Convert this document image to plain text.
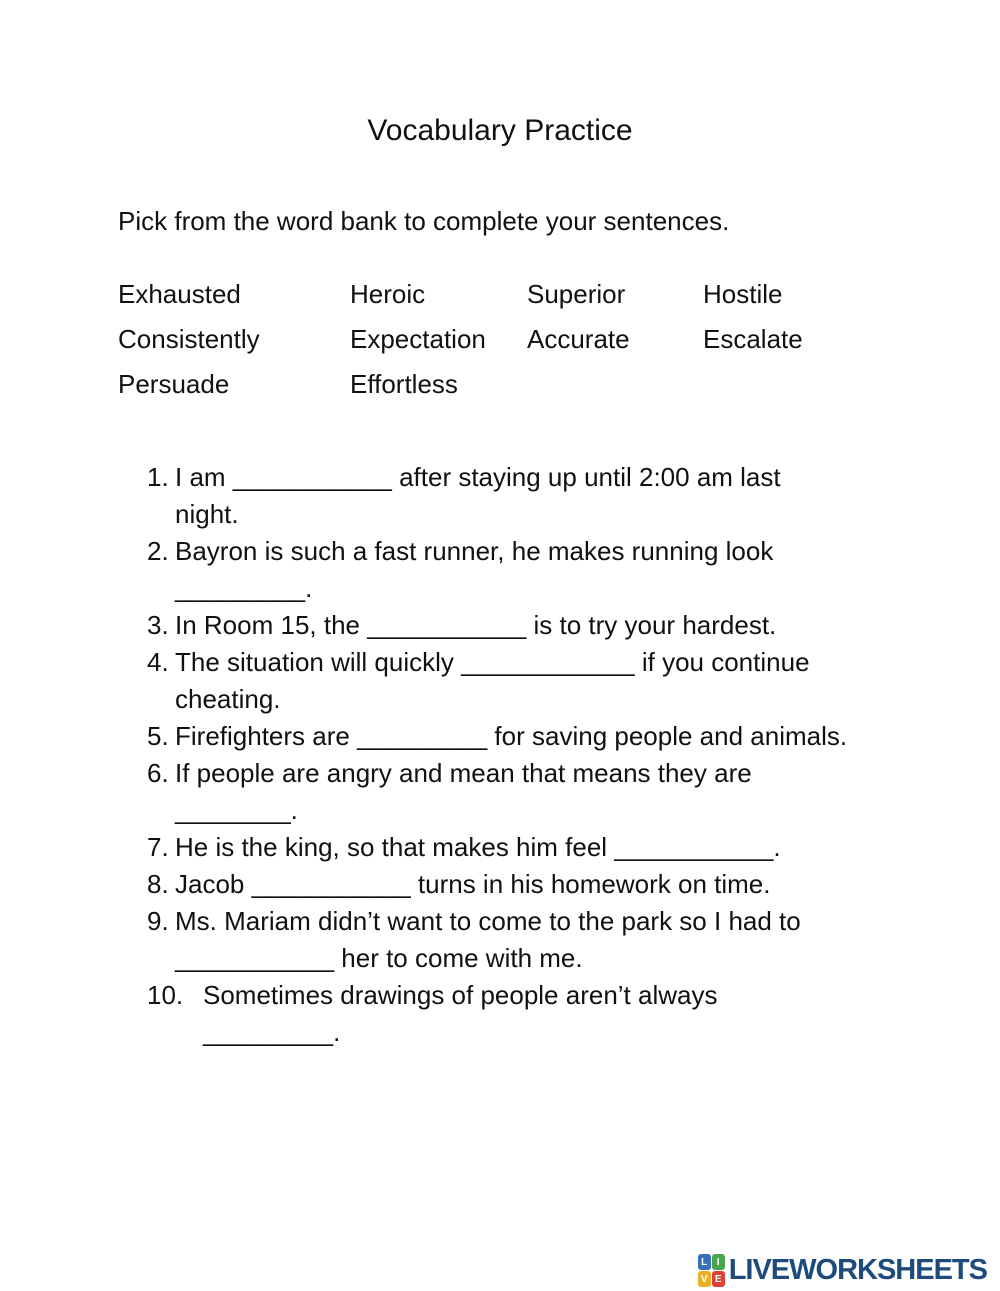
Vocabulary Practice
Pick from the word bank to complete your sentences.
Exhausted	Heroic	Superior	Hostile
Consistently	Expectation	Accurate	Escalate
Persuade	Effortless
1. I am ___________ after staying up until 2:00 am last
night.
2. Bayron is such a fast runner, he makes running look
_________.
3. In Room 15, the ___________ is to try your hardest.
4. The situation will quickly ____________ if you continue
cheating.
5. Firefighters are _________ for saving people and animals.
6. If people are angry and mean that means they are
________.
7. He is the king, so that makes him feel ___________.
8. Jacob ___________ turns in his homework on time.
9. Ms. Mariam didn’t want to come to the park so I had to
___________ her to come with me.
10. Sometimes drawings of people aren’t always
_________.
L I
V E LIVEWORKSHEETS
